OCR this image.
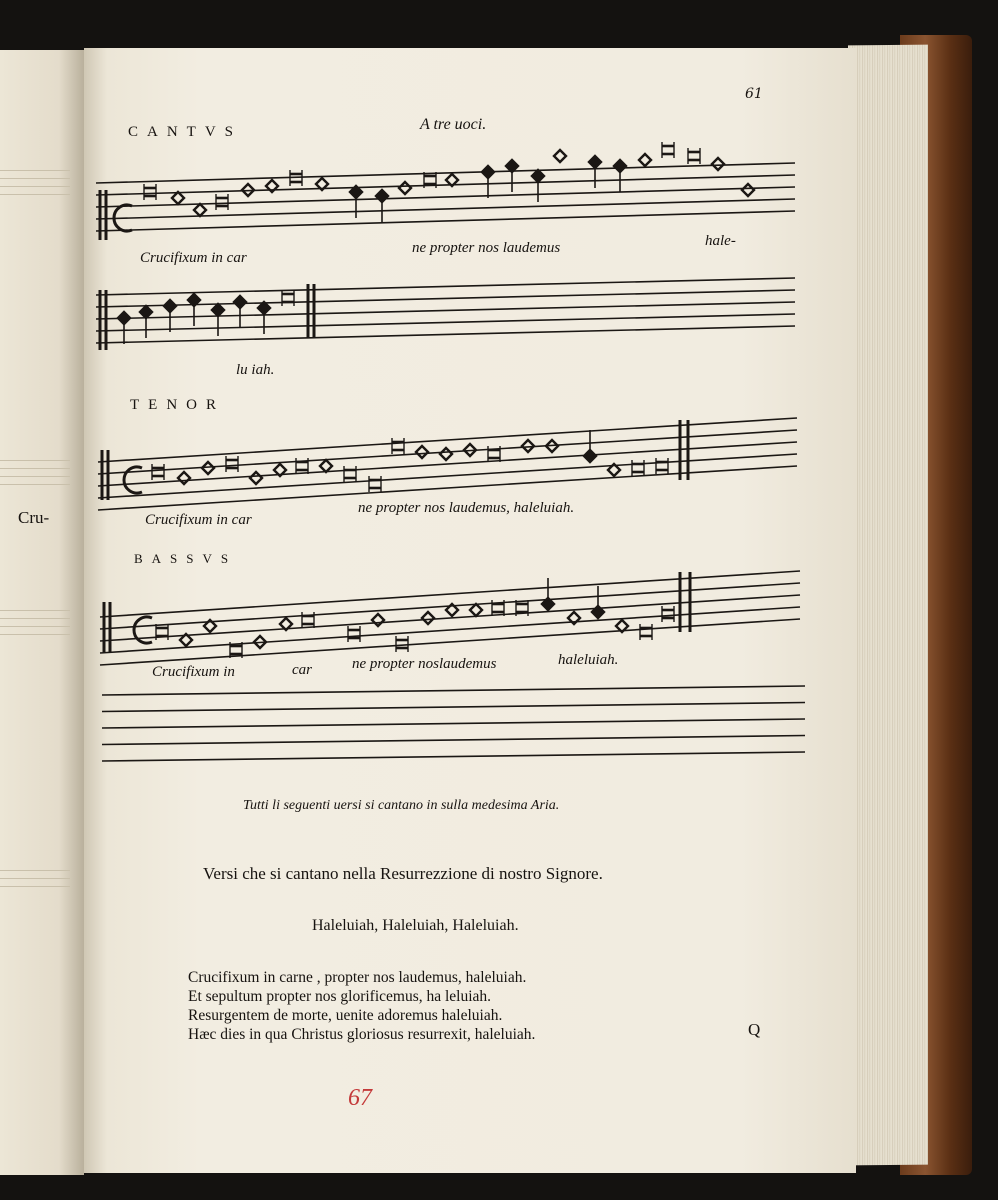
Cru-
61
CANTVS	A tre uoci.
Crucifixum in car
ne propter nos laudemus	hale-
lu iah.
TENOR
Crucifixum in car
ne propter nos laudemus, haleluiah.
BASSVS
Crucifixum in	car	ne propter noslaudemus	haleluiah.
Tutti li seguenti uersi si cantano in sulla medesima Aria.
Versi che si cantano nella Resurrezzione di nostro Signore.
Haleluiah, Haleluiah, Haleluiah.
Crucifixum in carne , propter nos laudemus, haleluiah.
Et sepultum propter nos glorificemus, ha leluiah.
Resurgentem de morte, uenite adoremus haleluiah.
Hæc dies in qua Christus gloriosus resurrexit, haleluiah.	Q
67
